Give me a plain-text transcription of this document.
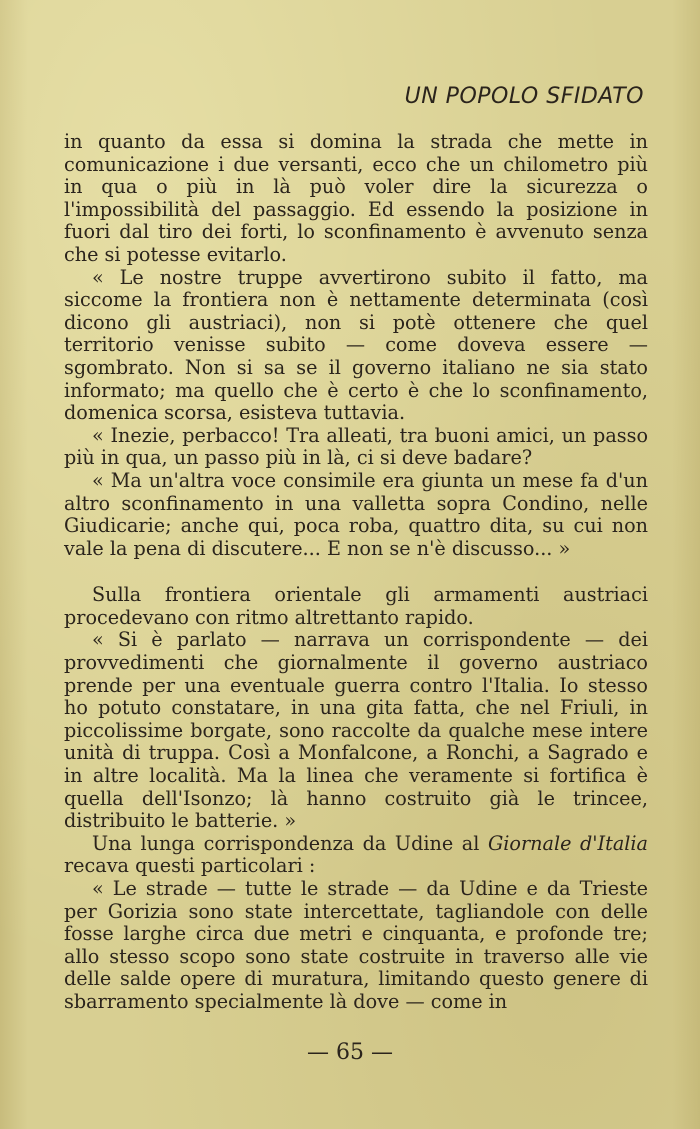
UN POPOLO SFIDATO

in quanto da essa si domina la strada che mette in comunicazione i due versanti, ecco che un chilometro più in qua o più in là può voler dire la sicurezza o l'impossibilità del passaggio. Ed essendo la posizione in fuori dal tiro dei forti, lo sconfinamento è avvenuto senza che si potesse evitarlo.

« Le nostre truppe avvertirono subito il fatto, ma siccome la frontiera non è nettamente determinata (così dicono gli austriaci), non si potè ottenere che quel territorio venisse subito — come doveva essere — sgombrato. Non si sa se il governo italiano ne sia stato informato; ma quello che è certo è che lo sconfinamento, domenica scorsa, esisteva tuttavia.

« Inezie, perbacco! Tra alleati, tra buoni amici, un passo più in qua, un passo più in là, ci si deve badare?

« Ma un'altra voce consimile era giunta un mese fa d'un altro sconfinamento in una valletta sopra Condino, nelle Giudicarie; anche qui, poca roba, quattro dita, su cui non vale la pena di discutere... E non se n'è discusso... »

Sulla frontiera orientale gli armamenti austriaci procedevano con ritmo altrettanto rapido.

« Si è parlato — narrava un corrispondente — dei provvedimenti che giornalmente il governo austriaco prende per una eventuale guerra contro l'Italia. Io stesso ho potuto constatare, in una gita fatta, che nel Friuli, in piccolissime borgate, sono raccolte da qualche mese intere unità di truppa. Così a Monfalcone, a Ronchi, a Sagrado e in altre località. Ma la linea che veramente si fortifica è quella dell'Isonzo; là hanno costruito già le trincee, distribuito le batterie. »

Una lunga corrispondenza da Udine al Giornale d'Italia recava questi particolari :

« Le strade — tutte le strade — da Udine e da Trieste per Gorizia sono state intercettate, tagliandole con delle fosse larghe circa due metri e cinquanta, e profonde tre; allo stesso scopo sono state costruite in traverso alle vie delle salde opere di muratura, limitando questo genere di sbarramento specialmente là dove — come in

— 65 —
